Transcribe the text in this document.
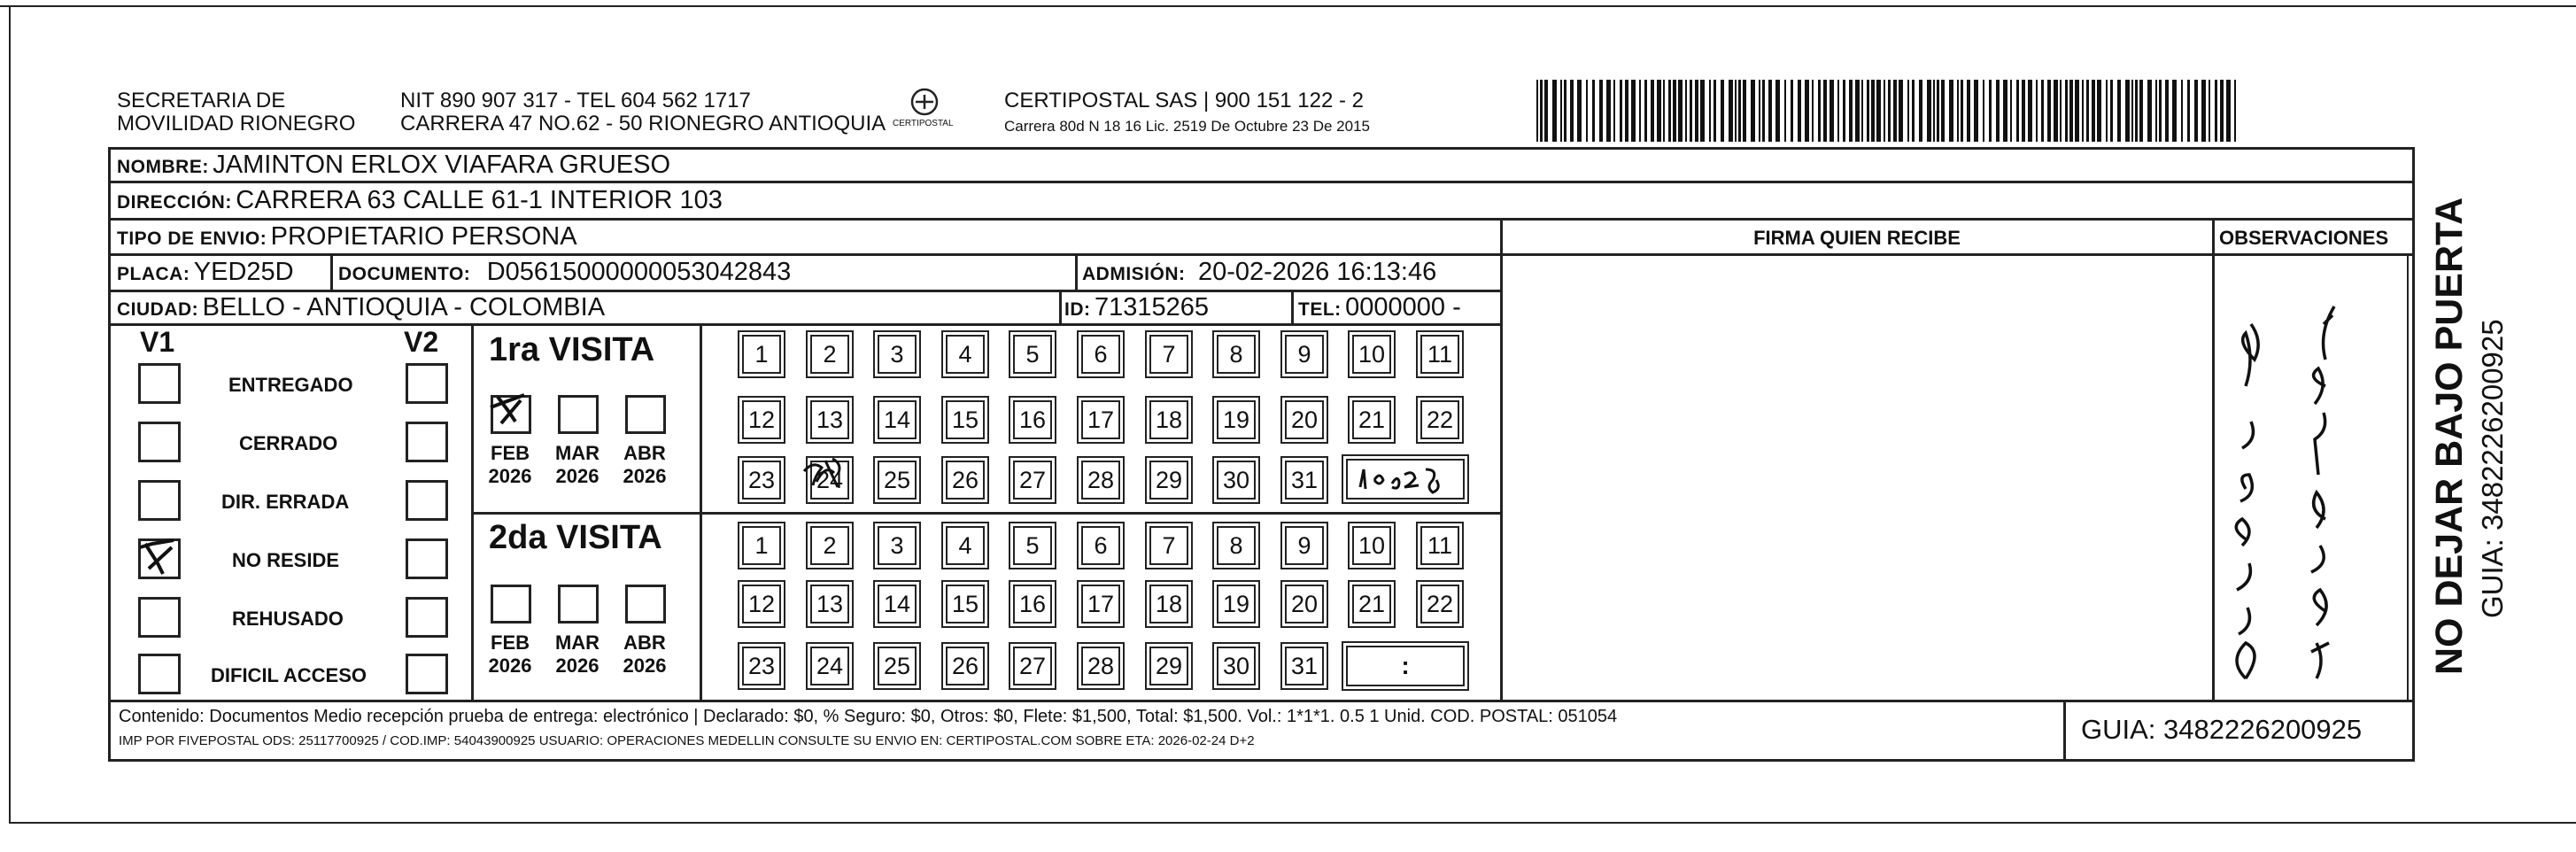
SECRETARIA DE
MOVILIDAD RIONEGRO
NIT 890 907 317 - TEL 604 562 1717
CARRERA 47 NO.62 - 50 RIONEGRO ANTIOQUIA CERTIPOSTAL
CERTIPOSTAL SAS | 900 151 122 - 2
Carrera 80d N 18 16 Lic. 2519 De Octubre 23 De 2015
NOMBRE: JAMINTON ERLOX VIAFARA GRUESO
DIRECCIÓN: CARRERA 63 CALLE 61-1 INTERIOR 103
TIPO DE ENVIO: PROPIETARIO PERSONA	FIRMA QUIEN RECIBE	OBSERVACIONES
PLACA: YED25D DOCUMENTO: D05615000000053042843	ADMISIÓN: 20-02-2026 16:13:46
CIUDAD: BELLO - ANTIOQUIA - COLOMBIA	ID: 71315265	TEL: 0000000 -
V1	V2
ENTREGADO
CERRADO
DIR. ERRADA
NO RESIDE
REHUSADO
DIFICIL ACCESO
1ra VISITA
2da VISITA
FEB
2026
MAR
2026
ABR
2026
FEB
2026
MAR
2026
ABR
2026
1	2	3	4	5	6	7	8	9	10 11
12 13 14 15 16 17 18 19 20 21 22
23 24 25 26 27 28 29 30 31
1	2	3	4	5	6	7	8	9	10 11
12 13 14 15 16 17 18 19 20 21 22
23 24 25 26 27 28 29 30 31	:
Contenido: Documentos Medio recepción prueba de entrega: electrónico | Declarado: $0, % Seguro: $0, Otros: $0, Flete: $1,500, Total: $1,500. Vol.: 1*1*1. 0.5 1 Unid. COD. POSTAL: 051054
IMP POR FIVEPOSTAL ODS: 25117700925 / COD.IMP: 54043900925 USUARIO: OPERACIONES MEDELLIN CONSULTE SU ENVIO EN: CERTIPOSTAL.COM SOBRE ETA: 2026-02-24 D+2	GUIA: 3482226200925
NO DEJAR BAJO PUERTA GUIA: 3482226200925
